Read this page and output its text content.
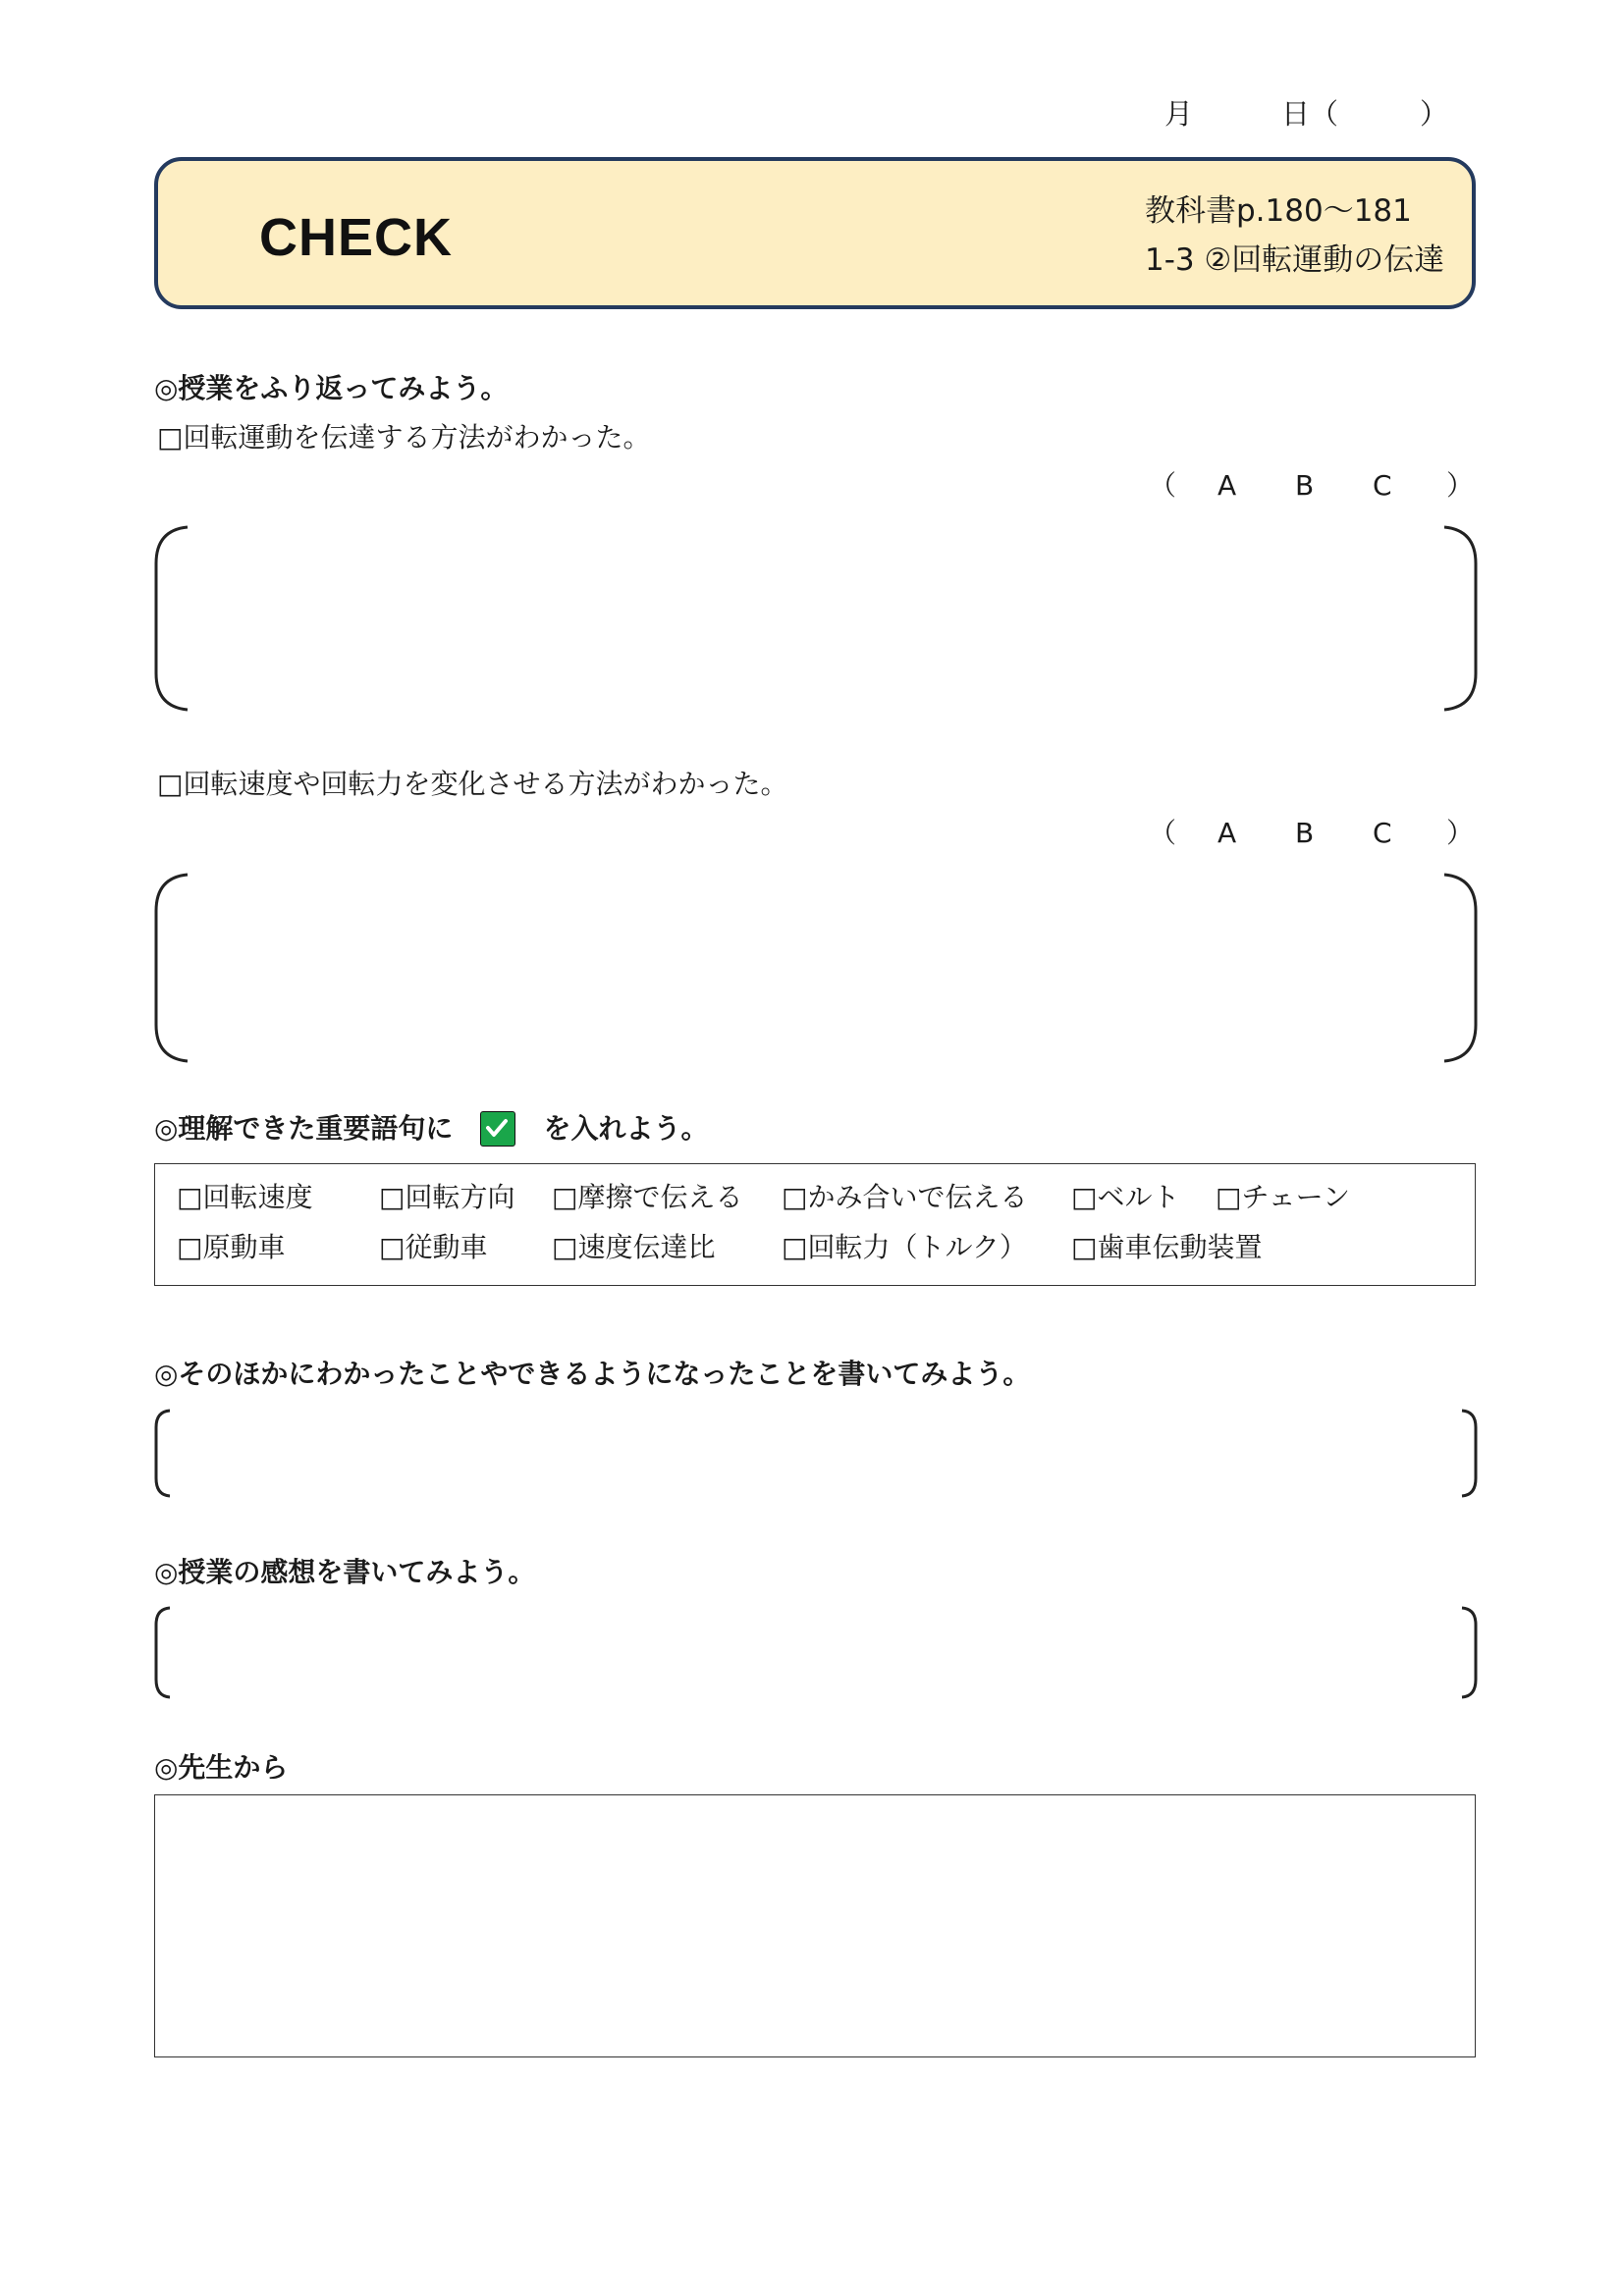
月	日（	）
CHECK	教科書p.180～181
1-3 ②回転運動の伝達
◎授業をふり返ってみよう。
□回転運動を伝達する方法がわかった。
（ A B C ）
□回転速度や回転力を変化させる方法がわかった。
（ A B C ）
◎理解できた重要語句に	を入れよう。
□回転速度 □回転方向 □摩擦で伝える □かみ合いで伝える □ベルト □チェーン
□原動車	□従動車 □速度伝達比 □回転力（トルク） □歯車伝動装置
◎そのほかにわかったことやできるようになったことを書いてみよう。
◎授業の感想を書いてみよう。
◎先生から
